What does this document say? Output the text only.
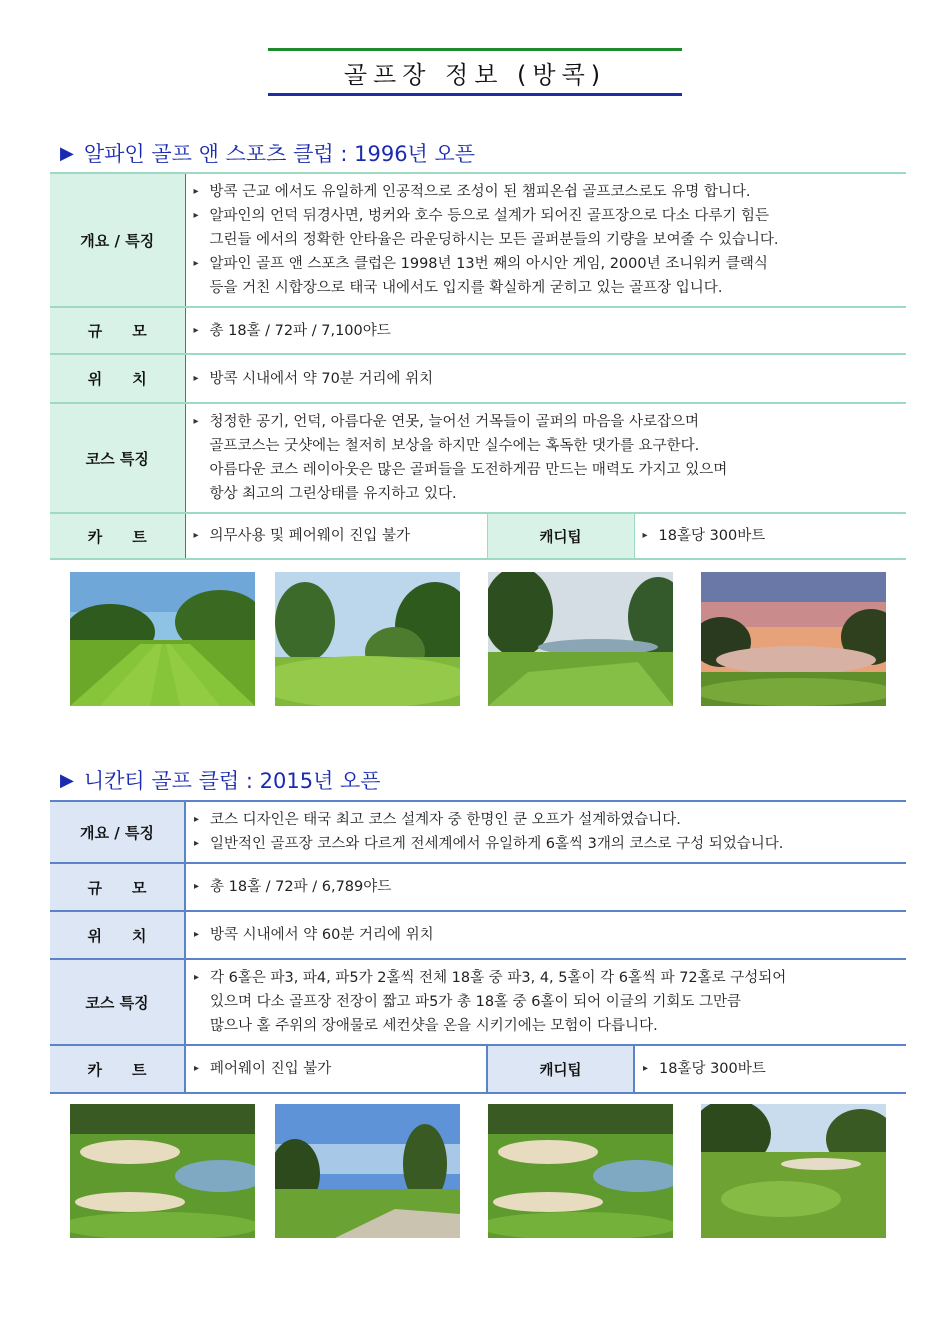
골프장 정보 (방콕)
▶ 알파인 골프 앤 스포츠 클럽 : 1996년 오픈
개요 / 특징	▸ 방콕 근교 에서도 유일하게 인공적으로 조성이 된 챔피온쉽 골프코스로도 유명 합니다.
▸ 알파인의 언덕 뒤경사면, 벙커와 호수 등으로 설계가 되어진 골프장으로 다소 다루기 힘든
그린들 에서의 정확한 안타율은 라운딩하시는 모든 골퍼분들의 기량을 보여줄 수 있습니다.
▸ 알파인 골프 앤 스포츠 클럽은 1998년 13번 째의 아시안 게임, 2000년 조니워커 클랙식
등을 거친 시합장으로 태국 내에서도 입지를 확실하게 굳히고 있는 골프장 입니다.

규　　모	▸ 총 18홀 / 72파 / 7,100야드

위　　치	▸ 방콕 시내에서 약 70분 거리에 위치

코스 특징	▸ 청정한 공기, 언덕, 아름다운 연못, 늘어선 거목들이 골퍼의 마음을 사로잡으며
골프코스는 굿샷에는 철저히 보상을 하지만 실수에는 혹독한 댓가를 요구한다.
아름다운 코스 레이아웃은 많은 골퍼들을 도전하게끔 만드는 매력도 가지고 있으며
항상 최고의 그린상태를 유지하고 있다.

카　　트	▸ 의무사용 및 페어웨이 진입 불가	캐디팁	▸ 18홀당 300바트
▶ 니칸티 골프 클럽 : 2015년 오픈
개요 / 특징	▸ 코스 디자인은 태국 최고 코스 설계자 중 한명인 쿤 오프가 설계하였습니다.
▸ 일반적인 골프장 코스와 다르게 전세계에서 유일하게 6홀씩 3개의 코스로 구성 되었습니다.

규　　모	▸ 총 18홀 / 72파 / 6,789야드

위　　치	▸ 방콕 시내에서 약 60분 거리에 위치

코스 특징	▸ 각 6홀은 파3, 파4, 파5가 2홀씩 전체 18홀 중 파3, 4, 5홀이 각 6홀씩 파 72홀로 구성되어
있으며 다소 골프장 전장이 짧고 파5가 총 18홀 중 6홀이 되어 이글의 기회도 그만큼
많으나 홀 주위의 장애물로 세컨샷을 온을 시키기에는 모험이 다릅니다.

카　　트	▸ 페어웨이 진입 불가	캐디팁	▸ 18홀당 300바트
